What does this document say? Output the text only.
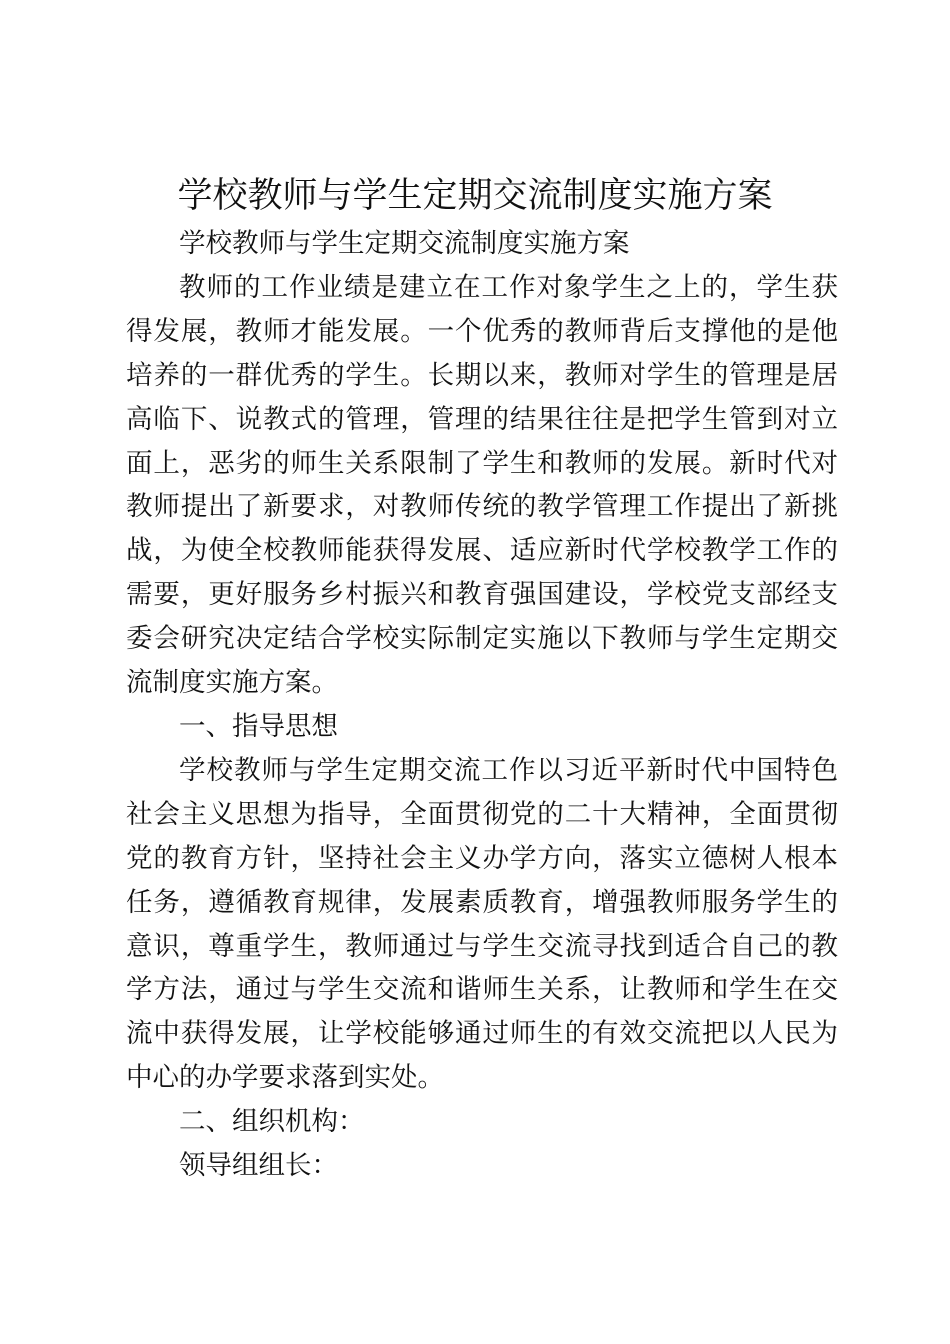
学校教师与学生定期交流制度实施方案

学校教师与学生定期交流制度实施方案

教师的工作业绩是建立在工作对象学生之上的，学生获得发展，教师才能发展。一个优秀的教师背后支撑他的是他培养的一群优秀的学生。长期以来，教师对学生的管理是居高临下、说教式的管理，管理的结果往往是把学生管到对立面上，恶劣的师生关系限制了学生和教师的发展。新时代对教师提出了新要求，对教师传统的教学管理工作提出了新挑战，为使全校教师能获得发展、适应新时代学校教学工作的需要，更好服务乡村振兴和教育强国建设，学校党支部经支委会研究决定结合学校实际制定实施以下教师与学生定期交流制度实施方案。

一、指导思想

学校教师与学生定期交流工作以习近平新时代中国特色社会主义思想为指导，全面贯彻党的二十大精神，全面贯彻党的教育方针，坚持社会主义办学方向，落实立德树人根本任务，遵循教育规律，发展素质教育，增强教师服务学生的意识，尊重学生，教师通过与学生交流寻找到适合自己的教学方法，通过与学生交流和谐师生关系，让教师和学生在交流中获得发展，让学校能够通过师生的有效交流把以人民为中心的办学要求落到实处。

二、组织机构：

领导组组长：
